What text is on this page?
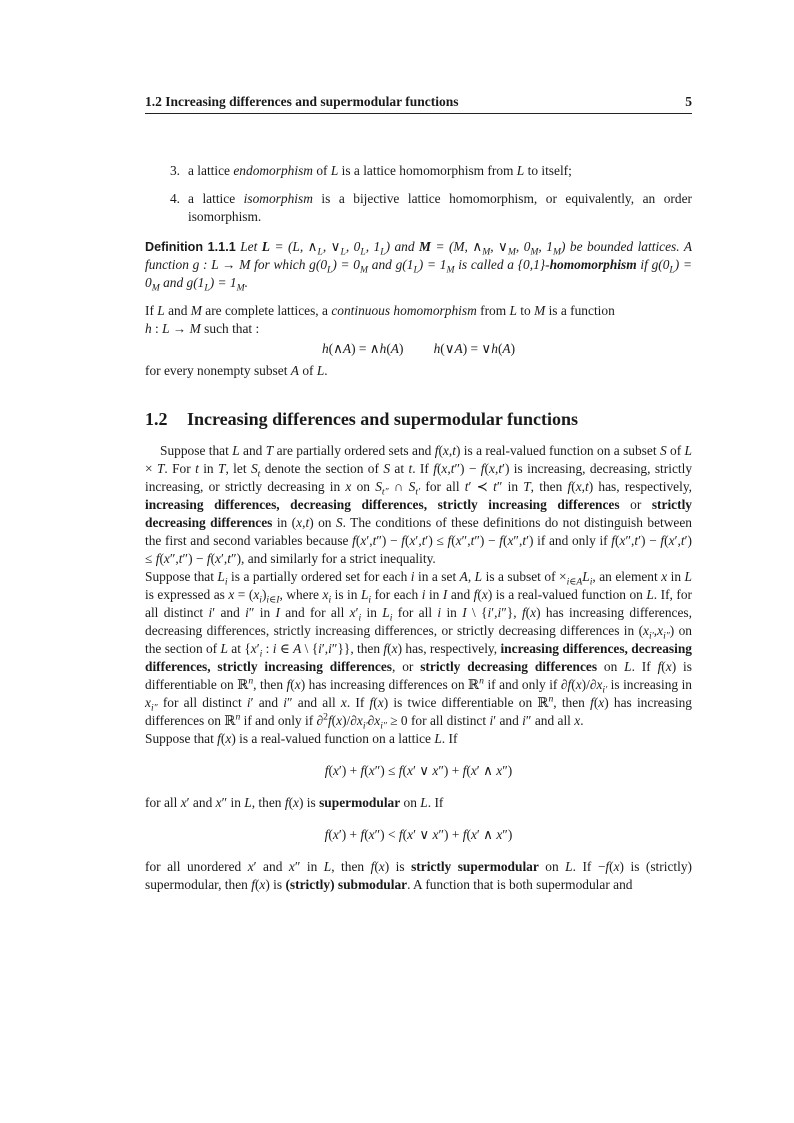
1.2 Increasing differences and supermodular functions	5
3. a lattice endomorphism of L is a lattice homomorphism from L to itself;
4. a lattice isomorphism is a bijective lattice homomorphism, or equivalently, an order isomorphism.
Definition 1.1.1 Let L = (L, $\wedge_L$, $\vee_L$, $0_L$, $1_L$) and M = (M, $\wedge_M$, $\vee_M$, $0_M$, $1_M$) be bounded lattices. A function g : L → M for which $g(0_L) = 0_M$ and $g(1_L) = 1_M$ is called a {0,1}-homomorphism if $g(0_L) = 0_M$ and $g(1_L) = 1_M$.
If L and M are complete lattices, a continuous homomorphism from L to M is a function
h : L → M such that :
h(∧A) = ∧h(A)         h(∨A) = ∨h(A)
for every nonempty subset A of L.
1.2 Increasing differences and supermodular functions
Suppose that L and T are partially ordered sets and f(x,t) is a real-valued function on a subset S of L × T. For t in T, let $S_t$ denote the section of S at t. If f(x,t″) − f(x,t′) is increasing, decreasing, strictly increasing, or strictly decreasing in x on $S_{t''}$ ∩ $S_{t'}$ for all t′ ≺ t″ in T, then f(x,t) has, respectively, increasing differences, decreasing differences, strictly increasing differences or strictly decreasing differences in (x,t) on S. The conditions of these definitions do not distinguish between the first and second variables because f(x′,t″) − f(x′,t′) ≤ f(x″,t″) − f(x″,t′) if and only if f(x″,t′) − f(x′,t′) ≤ f(x″,t″) − f(x′,t″), and similarly for a strict inequality.
Suppose that $L_i$ is a partially ordered set for each i in a set A, L is a subset of $\times_{i\in A}L_i$, an element x in L is expressed as $x = (x_i)_{i\in I}$, where $x_i$ is in $L_i$ for each i in I and f(x) is a real-valued function on L. If, for all distinct i′ and i″ in I and for all $x'_i$ in $L_i$ for all i in I \ {i′,i″}, f(x) has increasing differences, decreasing differences, strictly increasing differences, or strictly decreasing differences in $(x_{i'},x_{i''})$ on the section of L at {$x'_i$ : i ∈ A \ {i′,i″}}, then f(x) has, respectively, increasing differences, decreasing differences, strictly increasing differences, or strictly decreasing differences on L. If f(x) is differentiable on ℝ$^n$, then f(x) has increasing differences on ℝ$^n$ if and only if $\partial f(x)/\partial x_{i'}$ is increasing in $x_{i''}$ for all distinct i′ and i″ and all x. If f(x) is twice differentiable on ℝ$^n$, then f(x) has increasing differences on ℝ$^n$ if and only if $\partial^2f(x)/\partial x_{i'}\partial x_{i''} \ge 0$ for all distinct i′ and i″ and all x.
Suppose that f(x) is a real-valued function on a lattice L. If
f(x′) + f(x″) ≤ f(x′ ∨ x″) + f(x′ ∧ x″)
for all x′ and x″ in L, then f(x) is supermodular on L. If
f(x′) + f(x″) < f(x′ ∨ x″) + f(x′ ∧ x″)
for all unordered x′ and x″ in L, then f(x) is strictly supermodular on L. If −f(x) is (strictly) supermodular, then f(x) is (strictly) submodular. A function that is both supermodular and
